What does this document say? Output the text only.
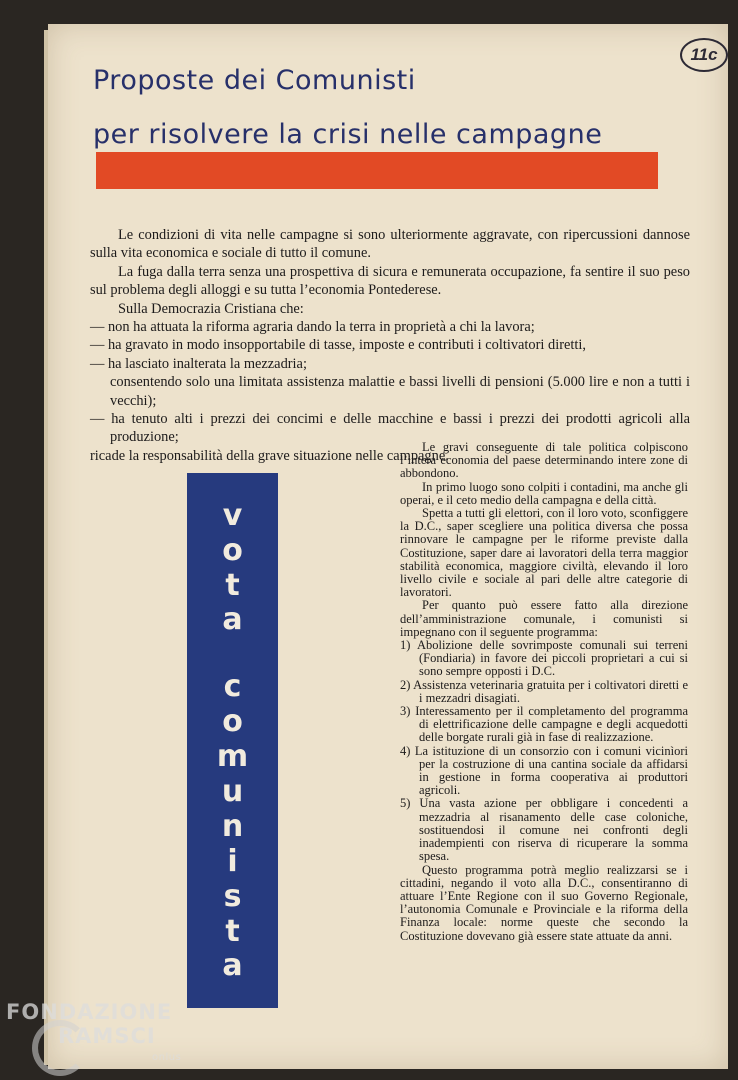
11c
Proposte dei Comunisti
per risolvere la crisi nelle campagne

Le condizioni di vita nelle campagne si sono ulteriormente aggravate, con ripercussioni dannose sulla vita economica e sociale di tutto il comune.

La fuga dalla terra senza una prospettiva di sicura e remunerata occupazione, fa sentire il suo peso sul problema degli alloggi e su tutta l’economia Pontederese.

Sulla Democrazia Cristiana che:

— non ha attuata la riforma agraria dando la terra in proprietà a chi la lavora;

— ha gravato in modo insopportabile di tasse, imposte e contributi i coltivatori diretti,

— ha lasciato inalterata la mezzadria;

consentendo solo una limitata assistenza malattie e bassi livelli di pensioni (5.000 lire e non a tutti i vecchi);

— ha tenuto alti i prezzi dei concimi e delle macchine e bassi i prezzi dei prodotti agricoli alla produzione;

ricade la responsabilità della grave situazione nelle campagne.

v
o
t
a
c
o
m
u
n
i
s
t
a

Le gravi conseguente di tale politica colpiscono l’intera economia del paese determinando intere zone di abbondono.

In primo luogo sono colpiti i contadini, ma anche gli operai, e il ceto medio della campagna e della città.

Spetta a tutti gli elettori, con il loro voto, sconfiggere la D.C., saper scegliere una politica diversa che possa rinnovare le campagne per le riforme previste dalla Costituzione, saper dare ai lavoratori della terra maggior stabilità economica, maggiore civiltà, elevando il loro livello civile e sociale al pari delle altre categorie di lavoratori.

Per quanto può essere fatto alla direzione dell’amministrazione comunale, i comunisti si impegnano con il seguente programma:

1) Abolizione delle sovrimposte comunali sui terreni (Fondiaria) in favore dei piccoli proprietari a cui si sono sempre opposti i D.C.

2) Assistenza veterinaria gratuita per i coltivatori diretti e i mezzadri disagiati.

3) Interessamento per il completamento del programma di elettrificazione delle campagne e degli acquedotti delle borgate rurali già in fase di realizzazione.

4) La istituzione di un consorzio con i comuni vicinìori per la costruzione di una cantina sociale da affidarsi in gestione in forma cooperativa ai produttori agricoli.

5) Una vasta azione per obbligare i concedenti a mezzadria al risanamento delle case coloniche, sostituendosi il comune nei confronti degli inadempienti con riserva di ricuperare la somma spesa.

Questo programma potrà meglio realizzarsi se i cittadini, negando il voto alla D.C., consentiranno di attuare l’Ente Regione con il suo Governo Regionale, l’autonomia Comunale e Provinciale e la riforma della Finanza locale: norme queste che secondo la Costituzione dovevano già essere state attuate da anni.

FONDAZIONE
RAMSCI
onlus
